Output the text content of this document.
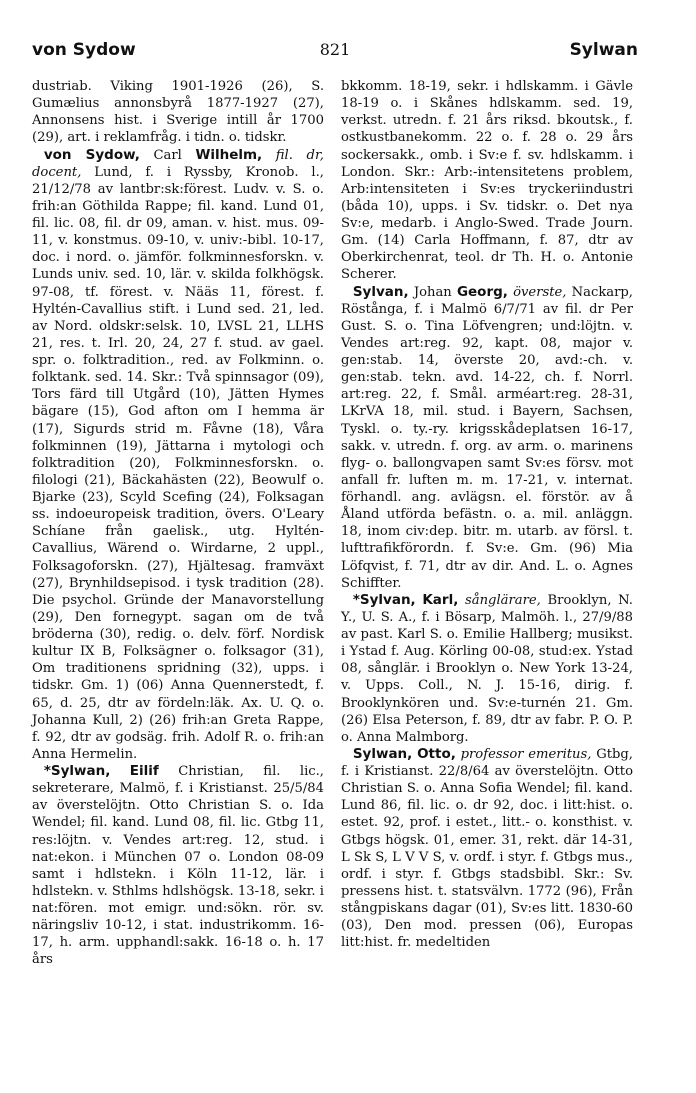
von Sydow	821	Sylwan

dustriab. Viking 1901-1926 (26), S. Gumælius annonsbyrå 1877-1927 (27), Annonsens hist. i Sverige intill år 1700 (29), art. i reklamfråg. i tidn. o. tidskr.

von Sydow, Carl Wilhelm, fil. dr, docent, Lund, f. i Ryssby, Kronob. l., 21/12/78 av lantbr:sk:förest. Ludv. v. S. o. frih:an Göthilda Rappe; fil. kand. Lund 01, fil. lic. 08, fil. dr 09, aman. v. hist. mus. 09-11, v. konstmus. 09-10, v. univ:-bibl. 10-17, doc. i nord. o. jämför. folkminnesforskn. v. Lunds univ. sed. 10, lär. v. skilda folkhögsk. 97-08, tf. förest. v. Nääs 11, förest. f. Hyltén-Cavallius stift. i Lund sed. 21, led. av Nord. oldskr:selsk. 10, LVSL 21, LLHS 21, res. t. Irl. 20, 24, 27 f. stud. av gael. spr. o. folktradition., red. av Folkminn. o. folktank. sed. 14. Skr.: Två spinnsagor (09), Tors färd till Utgård (10), Jätten Hymes bägare (15), God afton om I hemma är (17), Sigurds strid m. Fåvne (18), Våra folkminnen (19), Jättarna i mytologi och folktradition (20), Folkminnesforskn. o. filologi (21), Bäckahästen (22), Beowulf o. Bjarke (23), Scyld Scefing (24), Folksagan ss. indoeuropeisk tradition, övers. O'Leary Schíane från gaelisk., utg. Hyltén-Cavallius, Wärend o. Wirdarne, 2 uppl., Folksagoforskn. (27), Hjältesag. framväxt (27), Brynhildsepisod. i tysk tradition (28). Die psychol. Gründe der Manavorstellung (29), Den fornegypt. sagan om de två bröderna (30), redig. o. delv. förf. Nordisk kultur IX B, Folksägner o. folksagor (31), Om traditionens spridning (32), upps. i tidskr. Gm. 1) (06) Anna Quennerstedt, f. 65, d. 25, dtr av fördeln:läk. Ax. U. Q. o. Johanna Kull, 2) (26) frih:an Greta Rappe, f. 92, dtr av godsäg. frih. Adolf R. o. frih:an Anna Hermelin.

*Sylwan, Eilif Christian, fil. lic., sekreterare, Malmö, f. i Kristianst. 25/5/84 av överstelöjtn. Otto Christian S. o. Ida Wendel; fil. kand. Lund 08, fil. lic. Gtbg 11, res:löjtn. v. Vendes art:reg. 12, stud. i nat:ekon. i München 07 o. London 08-09 samt i hdlstekn. i Köln 11-12, lär. i hdlstekn. v. Sthlms hdlshögsk. 13-18, sekr. i nat:fören. mot emigr. und:sökn. rör. sv. näringsliv 10-12, i stat. industrikomm. 16-17, h. arm. upphandl:sakk. 16-18 o. h. 17 års

bkkomm. 18-19, sekr. i hdlskamm. i Gävle 18-19 o. i Skånes hdlskamm. sed. 19, verkst. utredn. f. 21 års riksd. bkoutsk., f. ostkustbanekomm. 22 o. f. 28 o. 29 års sockersakk., omb. i Sv:e f. sv. hdlskamm. i London. Skr.: Arb:-intensitetens problem, Arb:intensiteten i Sv:es tryckeriindustri (båda 10), upps. i Sv. tidskr. o. Det nya Sv:e, medarb. i Anglo-Swed. Trade Journ. Gm. (14) Carla Hoffmann, f. 87, dtr av Oberkirchenrat, teol. dr Th. H. o. Antonie Scherer.

Sylvan, Johan Georg, överste, Nackarp, Röstånga, f. i Malmö 6/7/71 av fil. dr Per Gust. S. o. Tina Löfvengren; und:löjtn. v. Vendes art:reg. 92, kapt. 08, major v. gen:stab. 14, överste 20, avd:-ch. v. gen:stab. tekn. avd. 14-22, ch. f. Norrl. art:reg. 22, f. Smål. arméart:reg. 28-31, LKrVA 18, mil. stud. i Bayern, Sachsen, Tyskl. o. ty.-ry. krigsskådeplatsen 16-17, sakk. v. utredn. f. org. av arm. o. marinens flyg- o. ballongvapen samt Sv:es försv. mot anfall fr. luften m. m. 17-21, v. internat. förhandl. ang. avlägsn. el. förstör. av å Åland utförda befästn. o. a. mil. anläggn. 18, inom civ:dep. bitr. m. utarb. av försl. t. lufttrafikförordn. f. Sv:e. Gm. (96) Mia Löfqvist, f. 71, dtr av dir. And. L. o. Agnes Schiffter.

*Sylvan, Karl, sånglärare, Brooklyn, N. Y., U. S. A., f. i Bösarp, Malmöh. l., 27/9/88 av past. Karl S. o. Emilie Hallberg; musikst. i Ystad f. Aug. Körling 00-08, stud:ex. Ystad 08, sånglär. i Brooklyn o. New York 13-24, v. Upps. Coll., N. J. 15-16, dirig. f. Brooklynkören und. Sv:e-turnén 21. Gm. (26) Elsa Peterson, f. 89, dtr av fabr. P. O. P. o. Anna Malmborg.

Sylwan, Otto, professor emeritus, Gtbg, f. i Kristianst. 22/8/64 av överstelöjtn. Otto Christian S. o. Anna Sofia Wendel; fil. kand. Lund 86, fil. lic. o. dr 92, doc. i litt:hist. o. estet. 92, prof. i estet., litt.- o. konsthist. v. Gtbgs högsk. 01, emer. 31, rekt. där 14-31, L Sk S, L V V S, v. ordf. i styr. f. Gtbgs mus., ordf. i styr. f. Gtbgs stadsbibl. Skr.: Sv. pressens hist. t. statsvälvn. 1772 (96), Från stångpiskans dagar (01), Sv:es litt. 1830-60 (03), Den mod. pressen (06), Europas litt:hist. fr. medeltiden
